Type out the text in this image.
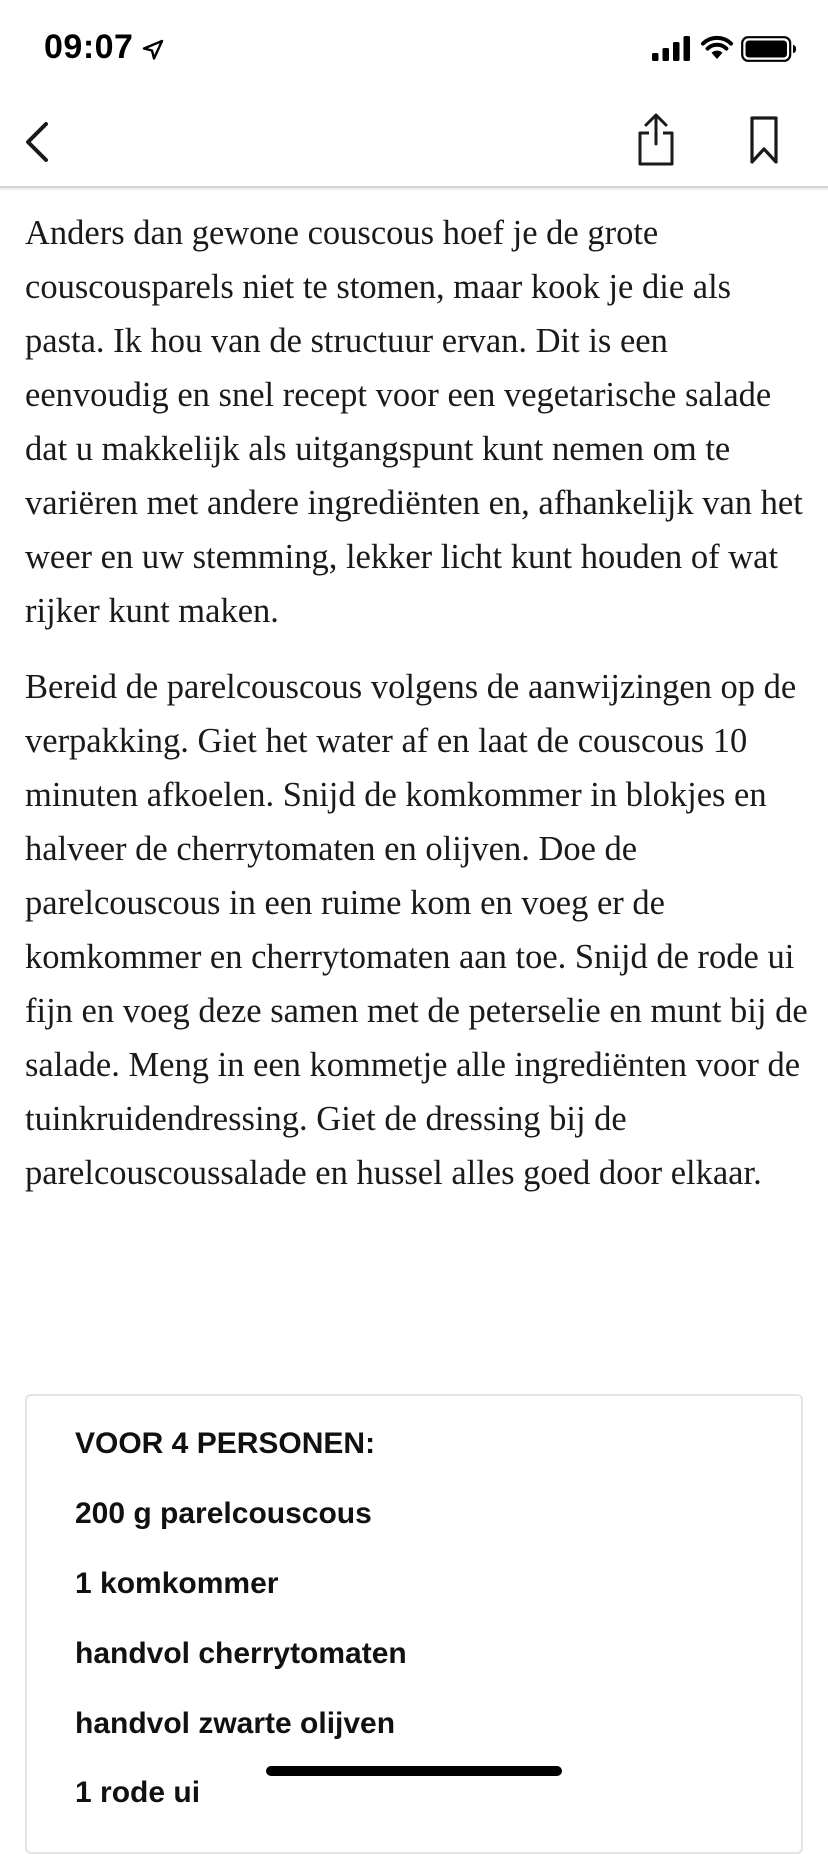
09:07

Anders dan gewone couscous hoef je de grote couscousparels niet te stomen, maar kook je die als pasta. Ik hou van de structuur ervan. Dit is een eenvoudig en snel recept voor een vegetarische salade dat u makkelijk als uitgangspunt kunt nemen om te variëren met andere ingrediënten en, afhankelijk van het weer en uw stemming, lekker licht kunt houden of wat rijker kunt maken.

Bereid de parelcouscous volgens de aanwijzingen op de verpakking. Giet het water af en laat de couscous 10 minuten afkoelen. Snijd de komkommer in blokjes en halveer de cherrytomaten en olijven. Doe de parelcouscous in een ruime kom en voeg er de komkommer en cherrytomaten aan toe. Snijd de rode ui fijn en voeg deze samen met de peterselie en munt bij de salade. Meng in een kommetje alle ingrediënten voor de tuinkruidendressing. Giet de dressing bij de parelcouscoussalade en hussel alles goed door elkaar.

VOOR 4 PERSONEN:
200 g parelcouscous
1 komkommer
handvol cherrytomaten
handvol zwarte olijven
1 rode ui
